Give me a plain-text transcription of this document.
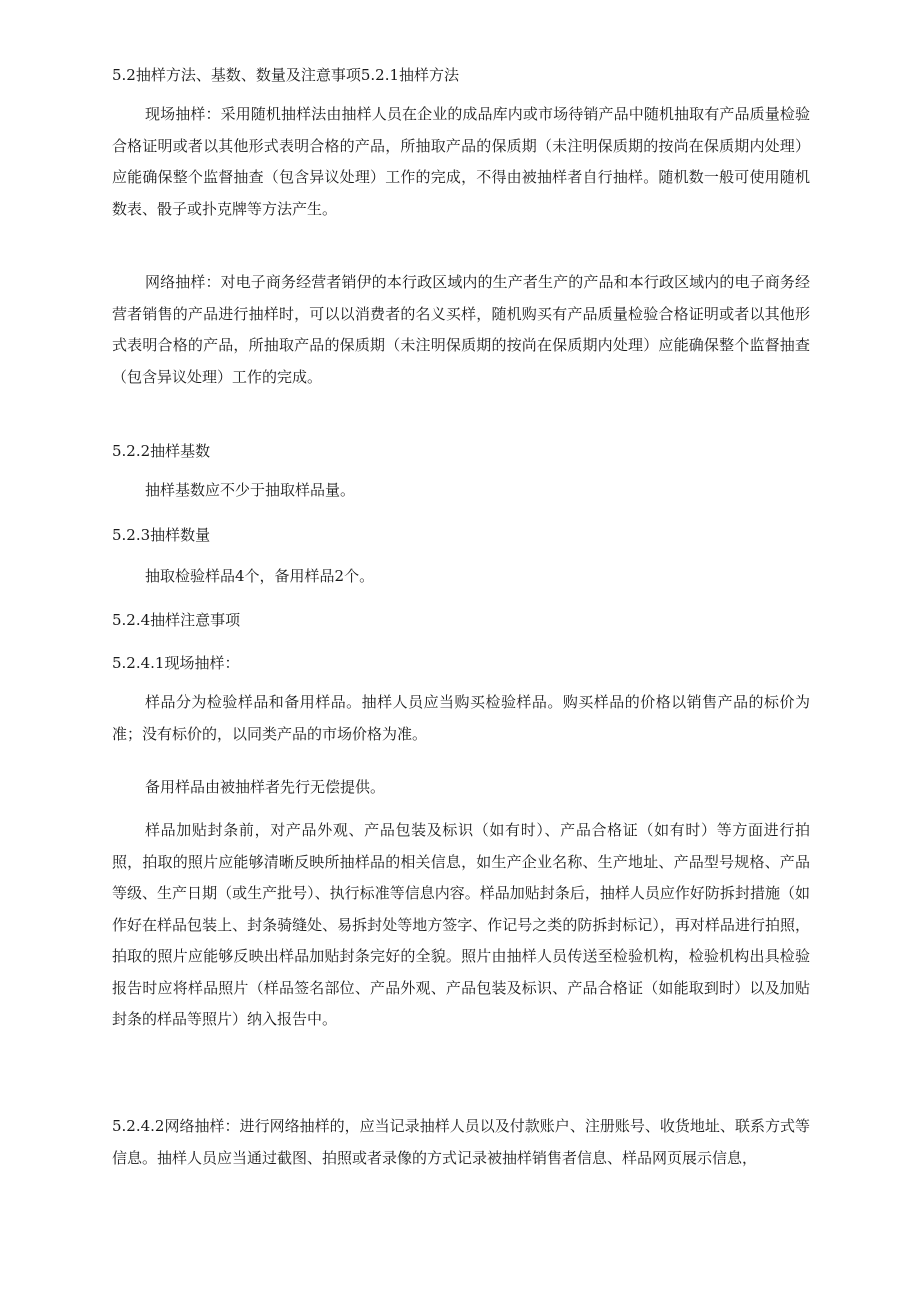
5.2抽样方法、基数、数量及注意事项5.2.1抽样方法

现场抽样：采用随机抽样法由抽样人员在企业的成品库内或市场待销产品中随机抽取有产品质量检验合格证明或者以其他形式表明合格的产品，所抽取产品的保质期（未注明保质期的按尚在保质期内处理）应能确保整个监督抽查（包含异议处理）工作的完成，不得由被抽样者自行抽样。随机数一般可使用随机数表、骰子或扑克牌等方法产生。

网络抽样：对电子商务经营者销伊的本行政区域内的生产者生产的产品和本行政区域内的电子商务经营者销售的产品进行抽样时，可以以消费者的名义买样，随机购买有产品质量检验合格证明或者以其他形式表明合格的产品，所抽取产品的保质期（未注明保质期的按尚在保质期内处理）应能确保整个监督抽查（包含异议处理）工作的完成。

5.2.2抽样基数

抽样基数应不少于抽取样品量。

5.2.3抽样数量

抽取检验样品4个，备用样品2个。

5.2.4抽样注意事项

5.2.4.1现场抽样：

样品分为检验样品和备用样品。抽样人员应当购买检验样品。购买样品的价格以销售产品的标价为准；没有标价的，以同类产品的市场价格为准。

备用样品由被抽样者先行无偿提供。

样品加贴封条前，对产品外观、产品包装及标识（如有时）、产品合格证（如有时）等方面进行拍照，拍取的照片应能够清晰反映所抽样品的相关信息，如生产企业名称、生产地址、产品型号规格、产品等级、生产日期（或生产批号）、执行标准等信息内容。样品加贴封条后，抽样人员应作好防拆封措施（如作好在样品包装上、封条骑缝处、易拆封处等地方签字、作记号之类的防拆封标记），再对样品进行拍照，拍取的照片应能够反映出样品加贴封条完好的全貌。照片由抽样人员传送至检验机构，检验机构出具检验报告时应将样品照片（样品签名部位、产品外观、产品包装及标识、产品合格证（如能取到时）以及加贴封条的样品等照片）纳入报告中。

5.2.4.2网络抽样：进行网络抽样的，应当记录抽样人员以及付款账户、注册账号、收货地址、联系方式等信息。抽样人员应当通过截图、拍照或者录像的方式记录被抽样销售者信息、样品网页展示信息，
